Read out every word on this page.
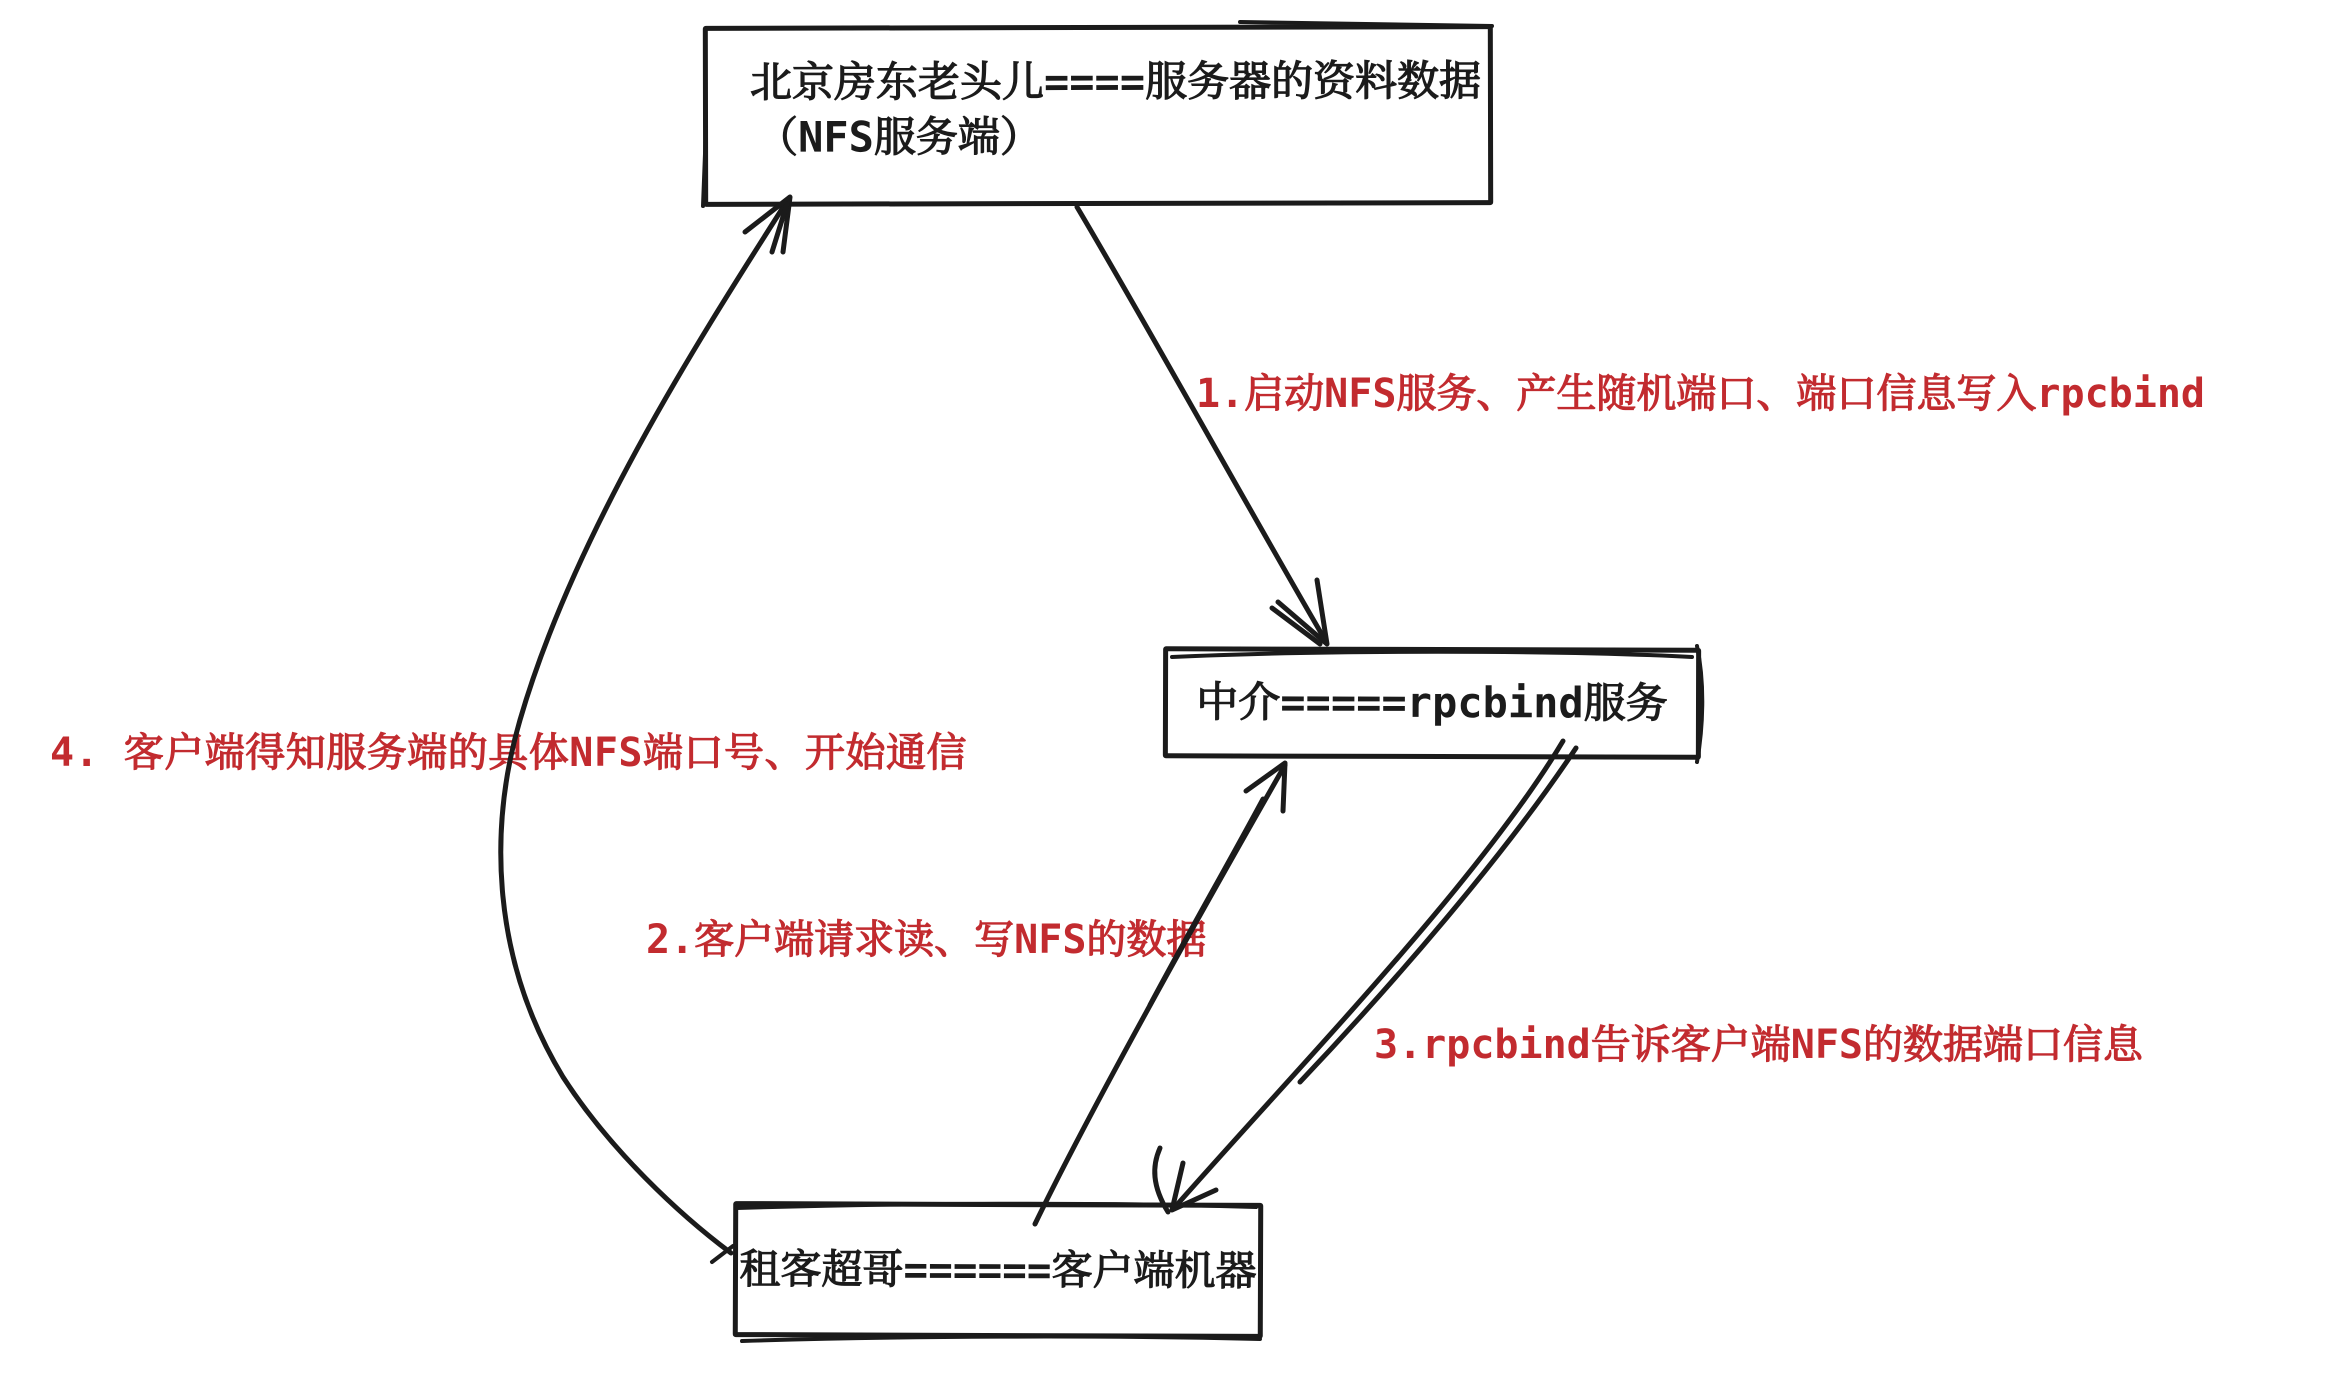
北京房东老头儿====服务器的资料数据
（NFS服务端）
中介=====rpcbind服务
租客超哥======客户端机器
1.启动NFS服务、产生随机端口、端口信息写入rpcbind
2.客户端请求读、写NFS的数据
3.rpcbind告诉客户端NFS的数据端口信息
4. 客户端得知服务端的具体NFS端口号、开始通信
